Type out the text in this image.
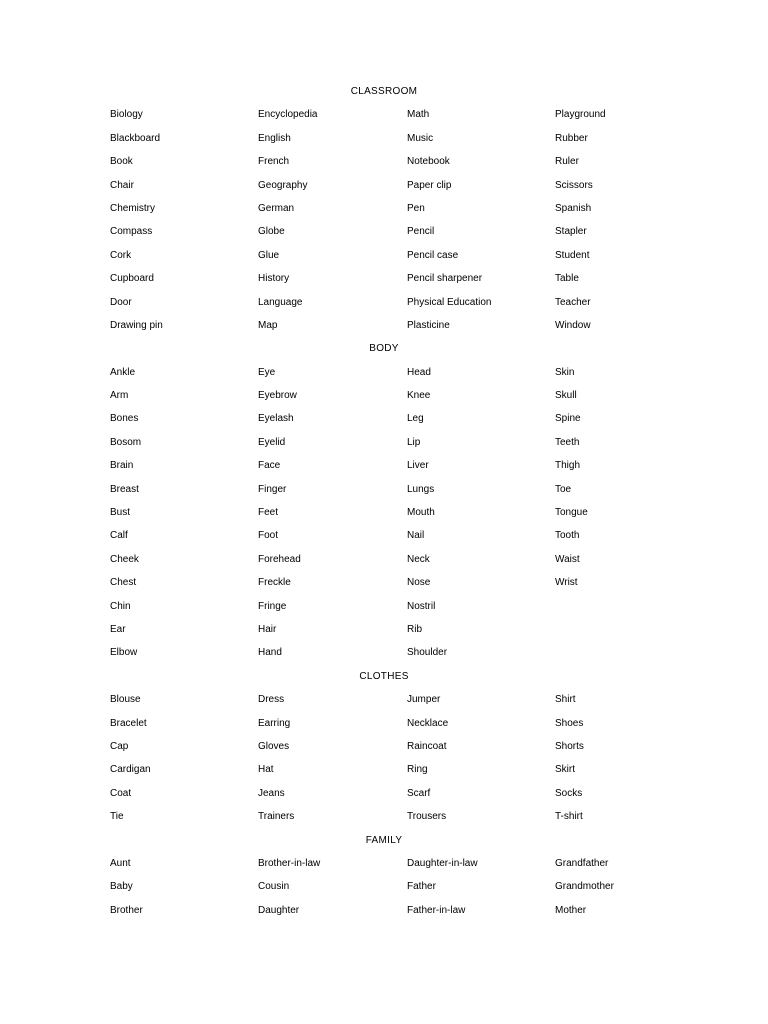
CLASSROOM
Biology	Encyclopedia	Math	Playground
Blackboard	English	Music	Rubber
Book	French	Notebook	Ruler
Chair	Geography	Paper clip	Scissors
Chemistry	German	Pen	Spanish
Compass	Globe	Pencil	Stapler
Cork	Glue	Pencil case	Student
Cupboard	History	Pencil sharpener	Table
Door	Language	Physical Education	Teacher
Drawing pin	Map	Plasticine	Window
BODY
Ankle	Eye	Head	Skin
Arm	Eyebrow	Knee	Skull
Bones	Eyelash	Leg	Spine
Bosom	Eyelid	Lip	Teeth
Brain	Face	Liver	Thigh
Breast	Finger	Lungs	Toe
Bust	Feet	Mouth	Tongue
Calf	Foot	Nail	Tooth
Cheek	Forehead	Neck	Waist
Chest	Freckle	Nose	Wrist
Chin	Fringe	Nostril
Ear	Hair	Rib
Elbow	Hand	Shoulder
CLOTHES
Blouse	Dress	Jumper	Shirt
Bracelet	Earring	Necklace	Shoes
Cap	Gloves	Raincoat	Shorts
Cardigan	Hat	Ring	Skirt
Coat	Jeans	Scarf	Socks
Tie	Trainers	Trousers	T-shirt
FAMILY
Aunt	Brother-in-law	Daughter-in-law	Grandfather
Baby	Cousin	Father	Grandmother
Brother	Daughter	Father-in-law	Mother
